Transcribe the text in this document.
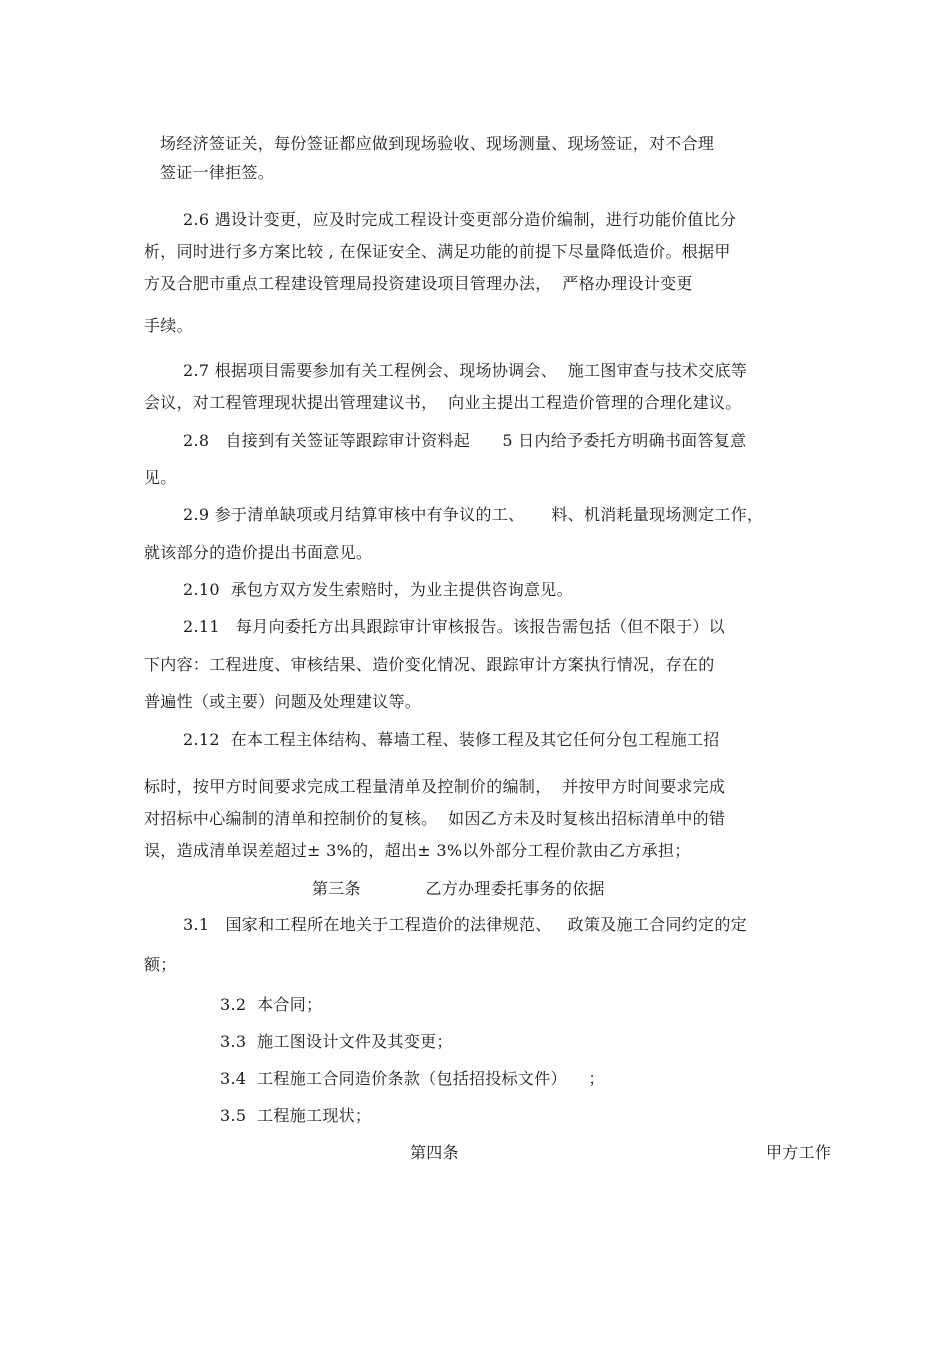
场经济签证关，每份签证都应做到现场验收、现场测量、现场签证，对不合理
签证一律拒签。
2.6 遇设计变更，应及时完成工程设计变更部分造价编制，进行功能价值比分
析，同时进行多方案比较 , 在保证安全、满足功能的前提下尽量降低造价。根据甲
方及合肥市重点工程建设管理局投资建设项目管理办法，  严格办理设计变更
手续。
2.7 根据项目需要参加有关工程例会、现场协调会、  施工图审查与技术交底等
会议，对工程管理现状提出管理建议书，  向业主提出工程造价管理的合理化建议。
2.8   自接到有关签证等跟踪审计资料起      5 日内给予委托方明确书面答复意
见。
2.9 参于清单缺项或月结算审核中有争议的工、     料、机消耗量现场测定工作，
就该部分的造价提出书面意见。
2.10  承包方双方发生索赔时，为业主提供咨询意见。
2.11   每月向委托方出具跟踪审计审核报告。该报告需包括（但不限于）以
下内容：工程进度、审核结果、造价变化情况、跟踪审计方案执行情况，存在的
普遍性（或主要）问题及处理建议等。
2.12  在本工程主体结构、幕墙工程、装修工程及其它任何分包工程施工招
标时，按甲方时间要求完成工程量清单及控制价的编制，  并按甲方时间要求完成
对招标中心编制的清单和控制价的复核。  如因乙方未及时复核出招标清单中的错
误，造成清单误差超过± 3%的，超出± 3%以外部分工程价款由乙方承担；
第三条            乙方办理委托事务的依据
3.1   国家和工程所在地关于工程造价的法律规范、   政策及施工合同约定的定
额；
3.2  本合同；
3.3  施工图设计文件及其变更；
3.4  工程施工合同造价条款（包括招投标文件）    ；
3.5  工程施工现状；
第四条	甲方工作
